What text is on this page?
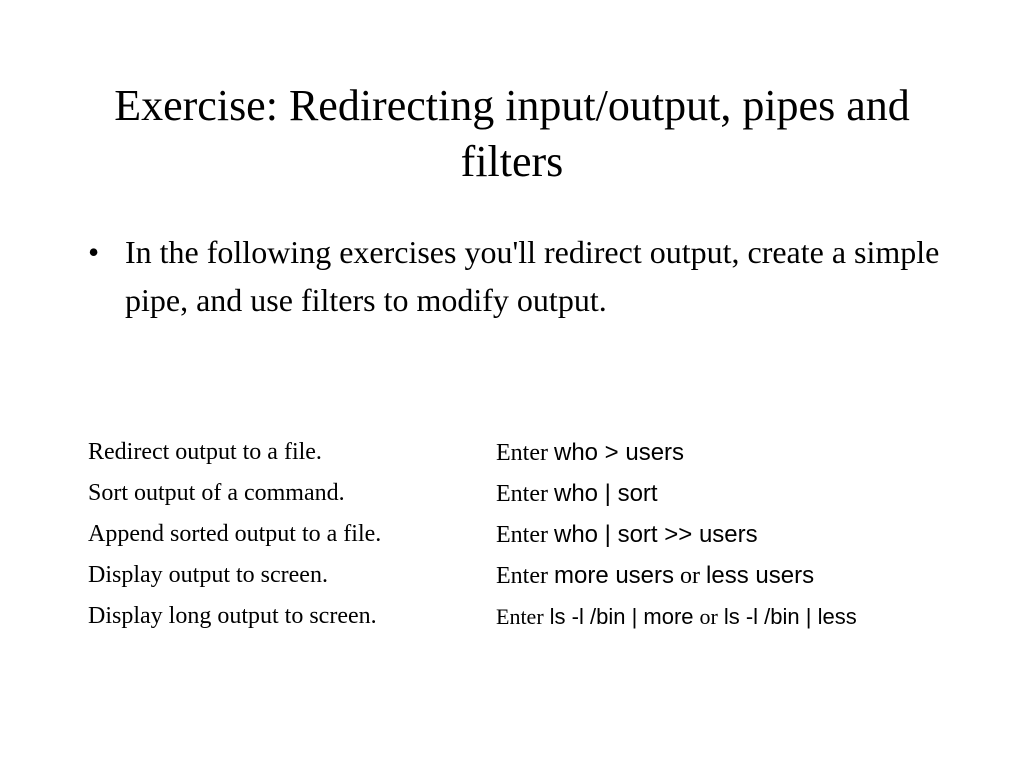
Exercise: Redirecting input/output, pipes and filters
• In the following exercises you'll redirect output, create a simple pipe, and use filters to modify output.
Redirect output to a file.	Enter who > users
Sort output of a command.	Enter who | sort
Append sorted output to a file.	Enter who | sort >> users
Display output to screen.	Enter more users or less users
Display long output to screen.	Enter ls -l /bin | more or ls -l /bin | less
